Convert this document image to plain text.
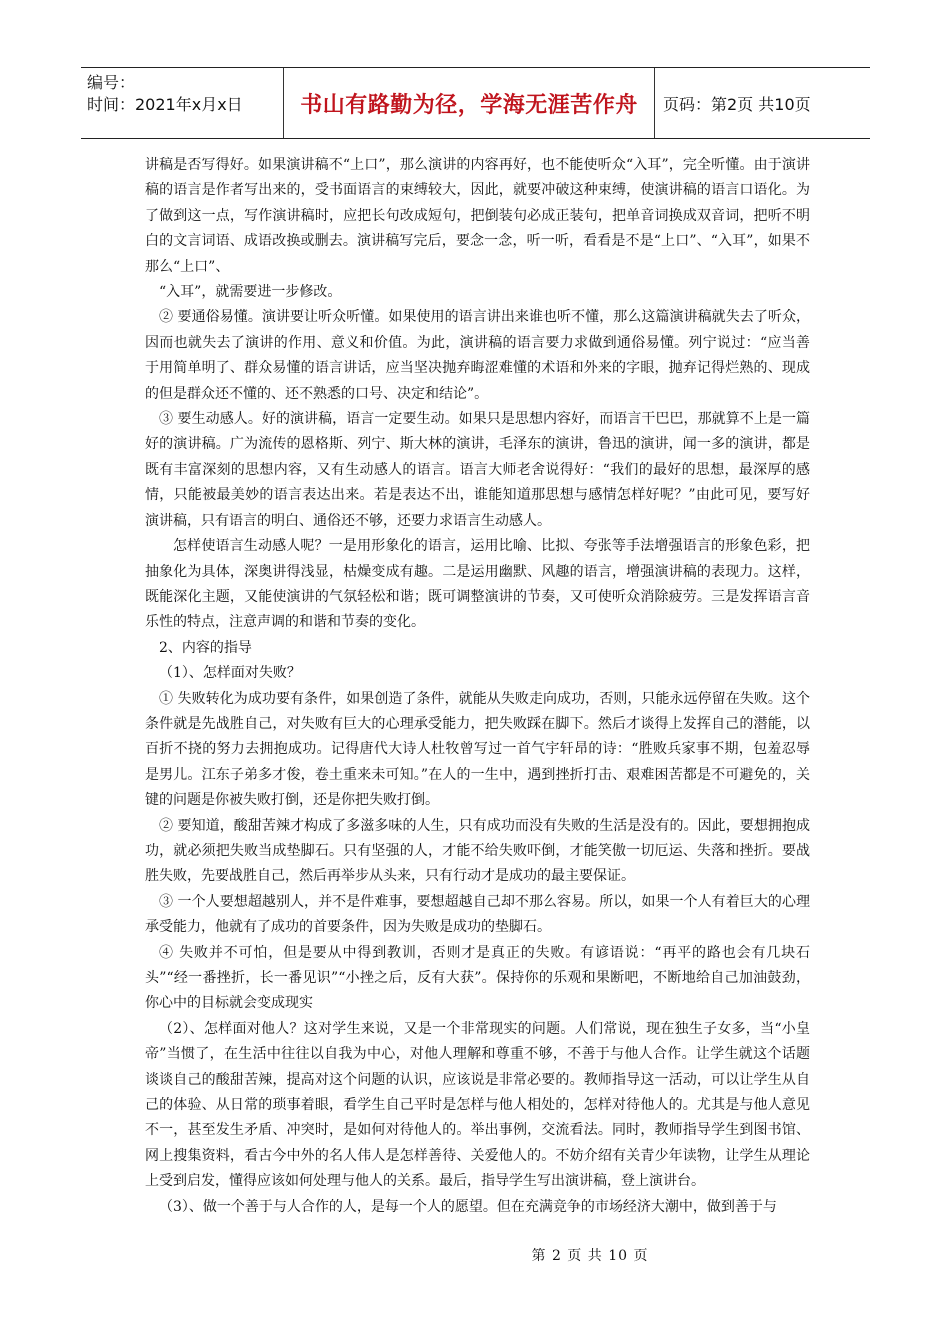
编号：
时间：2021年x月x日	书山有路勤为径，学海无涯苦作舟	页码：第2页 共10页

讲稿是否写得好。如果演讲稿不“上口”，那么演讲的内容再好，也不能使听众“入耳”，完全听懂。由于演讲稿的语言是作者写出来的，受书面语言的束缚较大，因此，就要冲破这种束缚，使演讲稿的语言口语化。为了做到这一点，写作演讲稿时，应把长句改成短句，把倒装句必成正装句，把单音词换成双音词，把听不明白的文言词语、成语改换或删去。演讲稿写完后，要念一念，听一听，看看是不是“上口”、“入耳”，如果不那么“上口”、

“入耳”，就需要进一步修改。

② 要通俗易懂。演讲要让听众听懂。如果使用的语言讲出来谁也听不懂，那么这篇演讲稿就失去了听众，因而也就失去了演讲的作用、意义和价值。为此，演讲稿的语言要力求做到通俗易懂。列宁说过：“应当善于用简单明了、群众易懂的语言讲话，应当坚决抛弃晦涩难懂的术语和外来的字眼，抛弃记得烂熟的、现成的但是群众还不懂的、还不熟悉的口号、决定和结论”。

③ 要生动感人。好的演讲稿，语言一定要生动。如果只是思想内容好，而语言干巴巴，那就算不上是一篇好的演讲稿。广为流传的恩格斯、列宁、斯大林的演讲，毛泽东的演讲，鲁迅的演讲，闻一多的演讲，都是既有丰富深刻的思想内容，又有生动感人的语言。语言大师老舍说得好：“我们的最好的思想，最深厚的感情，只能被最美妙的语言表达出来。若是表达不出，谁能知道那思想与感情怎样好呢？”由此可见，要写好演讲稿，只有语言的明白、通俗还不够，还要力求语言生动感人。

怎样使语言生动感人呢？一是用形象化的语言，运用比喻、比拟、夸张等手法增强语言的形象色彩，把抽象化为具体，深奥讲得浅显，枯燥变成有趣。二是运用幽默、风趣的语言，增强演讲稿的表现力。这样，既能深化主题，又能使演讲的气氛轻松和谐；既可调整演讲的节奏，又可使听众消除疲劳。三是发挥语言音乐性的特点，注意声调的和谐和节奏的变化。

2、内容的指导

（1）、怎样面对失败？

① 失败转化为成功要有条件，如果创造了条件，就能从失败走向成功，否则，只能永远停留在失败。这个条件就是先战胜自己，对失败有巨大的心理承受能力，把失败踩在脚下。然后才谈得上发挥自己的潜能，以百折不挠的努力去拥抱成功。记得唐代大诗人杜牧曾写过一首气宇轩昂的诗：“胜败兵家事不期，包羞忍辱是男儿。江东子弟多才俊，卷土重来未可知。”在人的一生中，遇到挫折打击、艰难困苦都是不可避免的，关键的问题是你被失败打倒，还是你把失败打倒。

② 要知道，酸甜苦辣才构成了多滋多味的人生，只有成功而没有失败的生活是没有的。因此，要想拥抱成功，就必须把失败当成垫脚石。只有坚强的人，才能不给失败吓倒，才能笑傲一切厄运、失落和挫折。要战胜失败，先要战胜自己，然后再举步从头来，只有行动才是成功的最主要保证。

③ 一个人要想超越别人，并不是件难事，要想超越自己却不那么容易。所以，如果一个人有着巨大的心理承受能力，他就有了成功的首要条件，因为失败是成功的垫脚石。

④ 失败并不可怕，但是要从中得到教训，否则才是真正的失败。有谚语说：“再平的路也会有几块石头”“经一番挫折，长一番见识”“小挫之后，反有大获”。保持你的乐观和果断吧，不断地给自己加油鼓劲，你心中的目标就会变成现实

（2）、怎样面对他人？这对学生来说，又是一个非常现实的问题。人们常说，现在独生子女多，当“小皇帝”当惯了，在生活中往往以自我为中心，对他人理解和尊重不够，不善于与他人合作。让学生就这个话题谈谈自己的酸甜苦辣，提高对这个问题的认识，应该说是非常必要的。教师指导这一活动，可以让学生从自己的体验、从日常的琐事着眼，看学生自己平时是怎样与他人相处的，怎样对待他人的。尤其是与他人意见不一，甚至发生矛盾、冲突时，是如何对待他人的。举出事例，交流看法。同时，教师指导学生到图书馆、网上搜集资料，看古今中外的名人伟人是怎样善待、关爱他人的。不妨介绍有关青少年读物，让学生从理论上受到启发，懂得应该如何处理与他人的关系。最后，指导学生写出演讲稿，登上演讲台。

（3）、做一个善于与人合作的人，是每一个人的愿望。但在充满竞争的市场经济大潮中，做到善于与

第 2 页 共 10 页
